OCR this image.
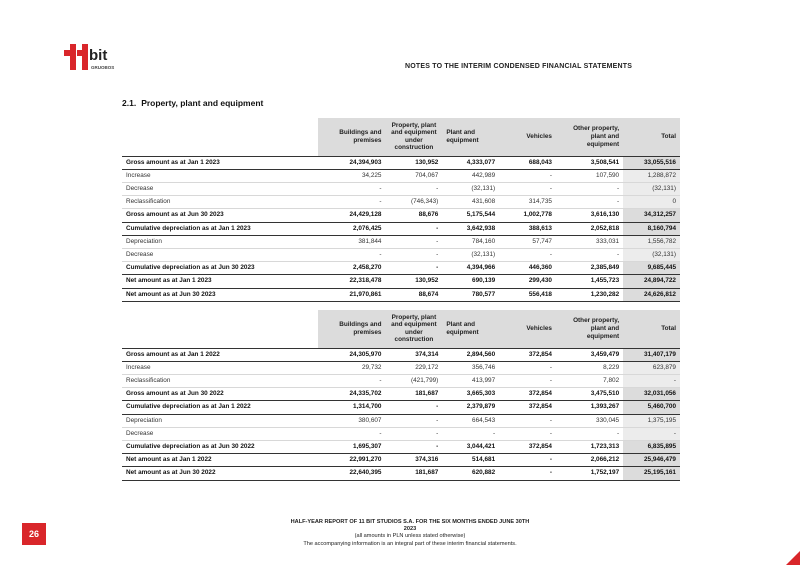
bit
GRUOBOS	NOTES TO THE INTERIM CONDENSED FINANCIAL STATEMENTS
2.1. Property, plant and equipment
	Buildings and premises	Property, plant and equipment under construction	Plant and equipment	Vehicles	Other property, plant and equipment	Total
Gross amount as at Jan 1 2023	24,394,903	130,952	4,333,077	688,043	3,508,541	33,055,516
Increase	34,225	704,067	442,989	-	107,590	1,288,872
Decrease	-	-	(32,131)	-	-	(32,131)
Reclassification	-	(746,343)	431,608	314,735	-	0
Gross amount as at Jun 30 2023	24,429,128	88,676	5,175,544	1,002,778	3,616,130	34,312,257
Cumulative depreciation as at Jan 1 2023	2,076,425	-	3,642,938	388,613	2,052,818	8,160,794
Depreciation	381,844	-	784,160	57,747	333,031	1,556,782
Decrease	-	-	(32,131)	-	-	(32,131)
Cumulative depreciation as at Jun 30 2023	2,458,270	-	4,394,966	446,360	2,385,849	9,685,445
Net amount as at Jan 1 2023	22,318,478	130,952	690,139	299,430	1,455,723	24,894,722
Net amount as at Jun 30 2023	21,970,861	88,674	780,577	556,418	1,230,282	24,626,812
	Buildings and premises	Property, plant and equipment under construction	Plant and equipment	Vehicles	Other property, plant and equipment	Total
Gross amount as at Jan 1 2022	24,305,970	374,314	2,894,560	372,854	3,459,479	31,407,179
Increase	29,732	229,172	356,746	-	8,229	623,879
Reclassification	-	(421,799)	413,997	-	7,802	-
Gross amount as at Jun 30 2022	24,335,702	181,687	3,665,303	372,854	3,475,510	32,031,056
Cumulative depreciation as at Jan 1 2022	1,314,700	-	2,379,879	372,854	1,393,267	5,460,700
Depreciation	380,607	-	664,543	-	330,045	1,375,195
Decrease	-	-	-	-	-	-
Cumulative depreciation as at Jun 30 2022	1,695,307	-	3,044,421	372,854	1,723,313	6,835,895
Net amount as at Jan 1 2022	22,991,270	374,316	514,681	-	2,066,212	25,946,479
Net amount as at Jun 30 2022	22,640,395	181,687	620,882	-	1,752,197	25,195,161
26
HALF-YEAR REPORT OF 11 BIT STUDIOS S.A. FOR THE SIX MONTHS ENDED JUNE 30TH
2023
(all amounts in PLN unless stated otherwise)
The accompanying information is an integral part of these interim financial statements.
